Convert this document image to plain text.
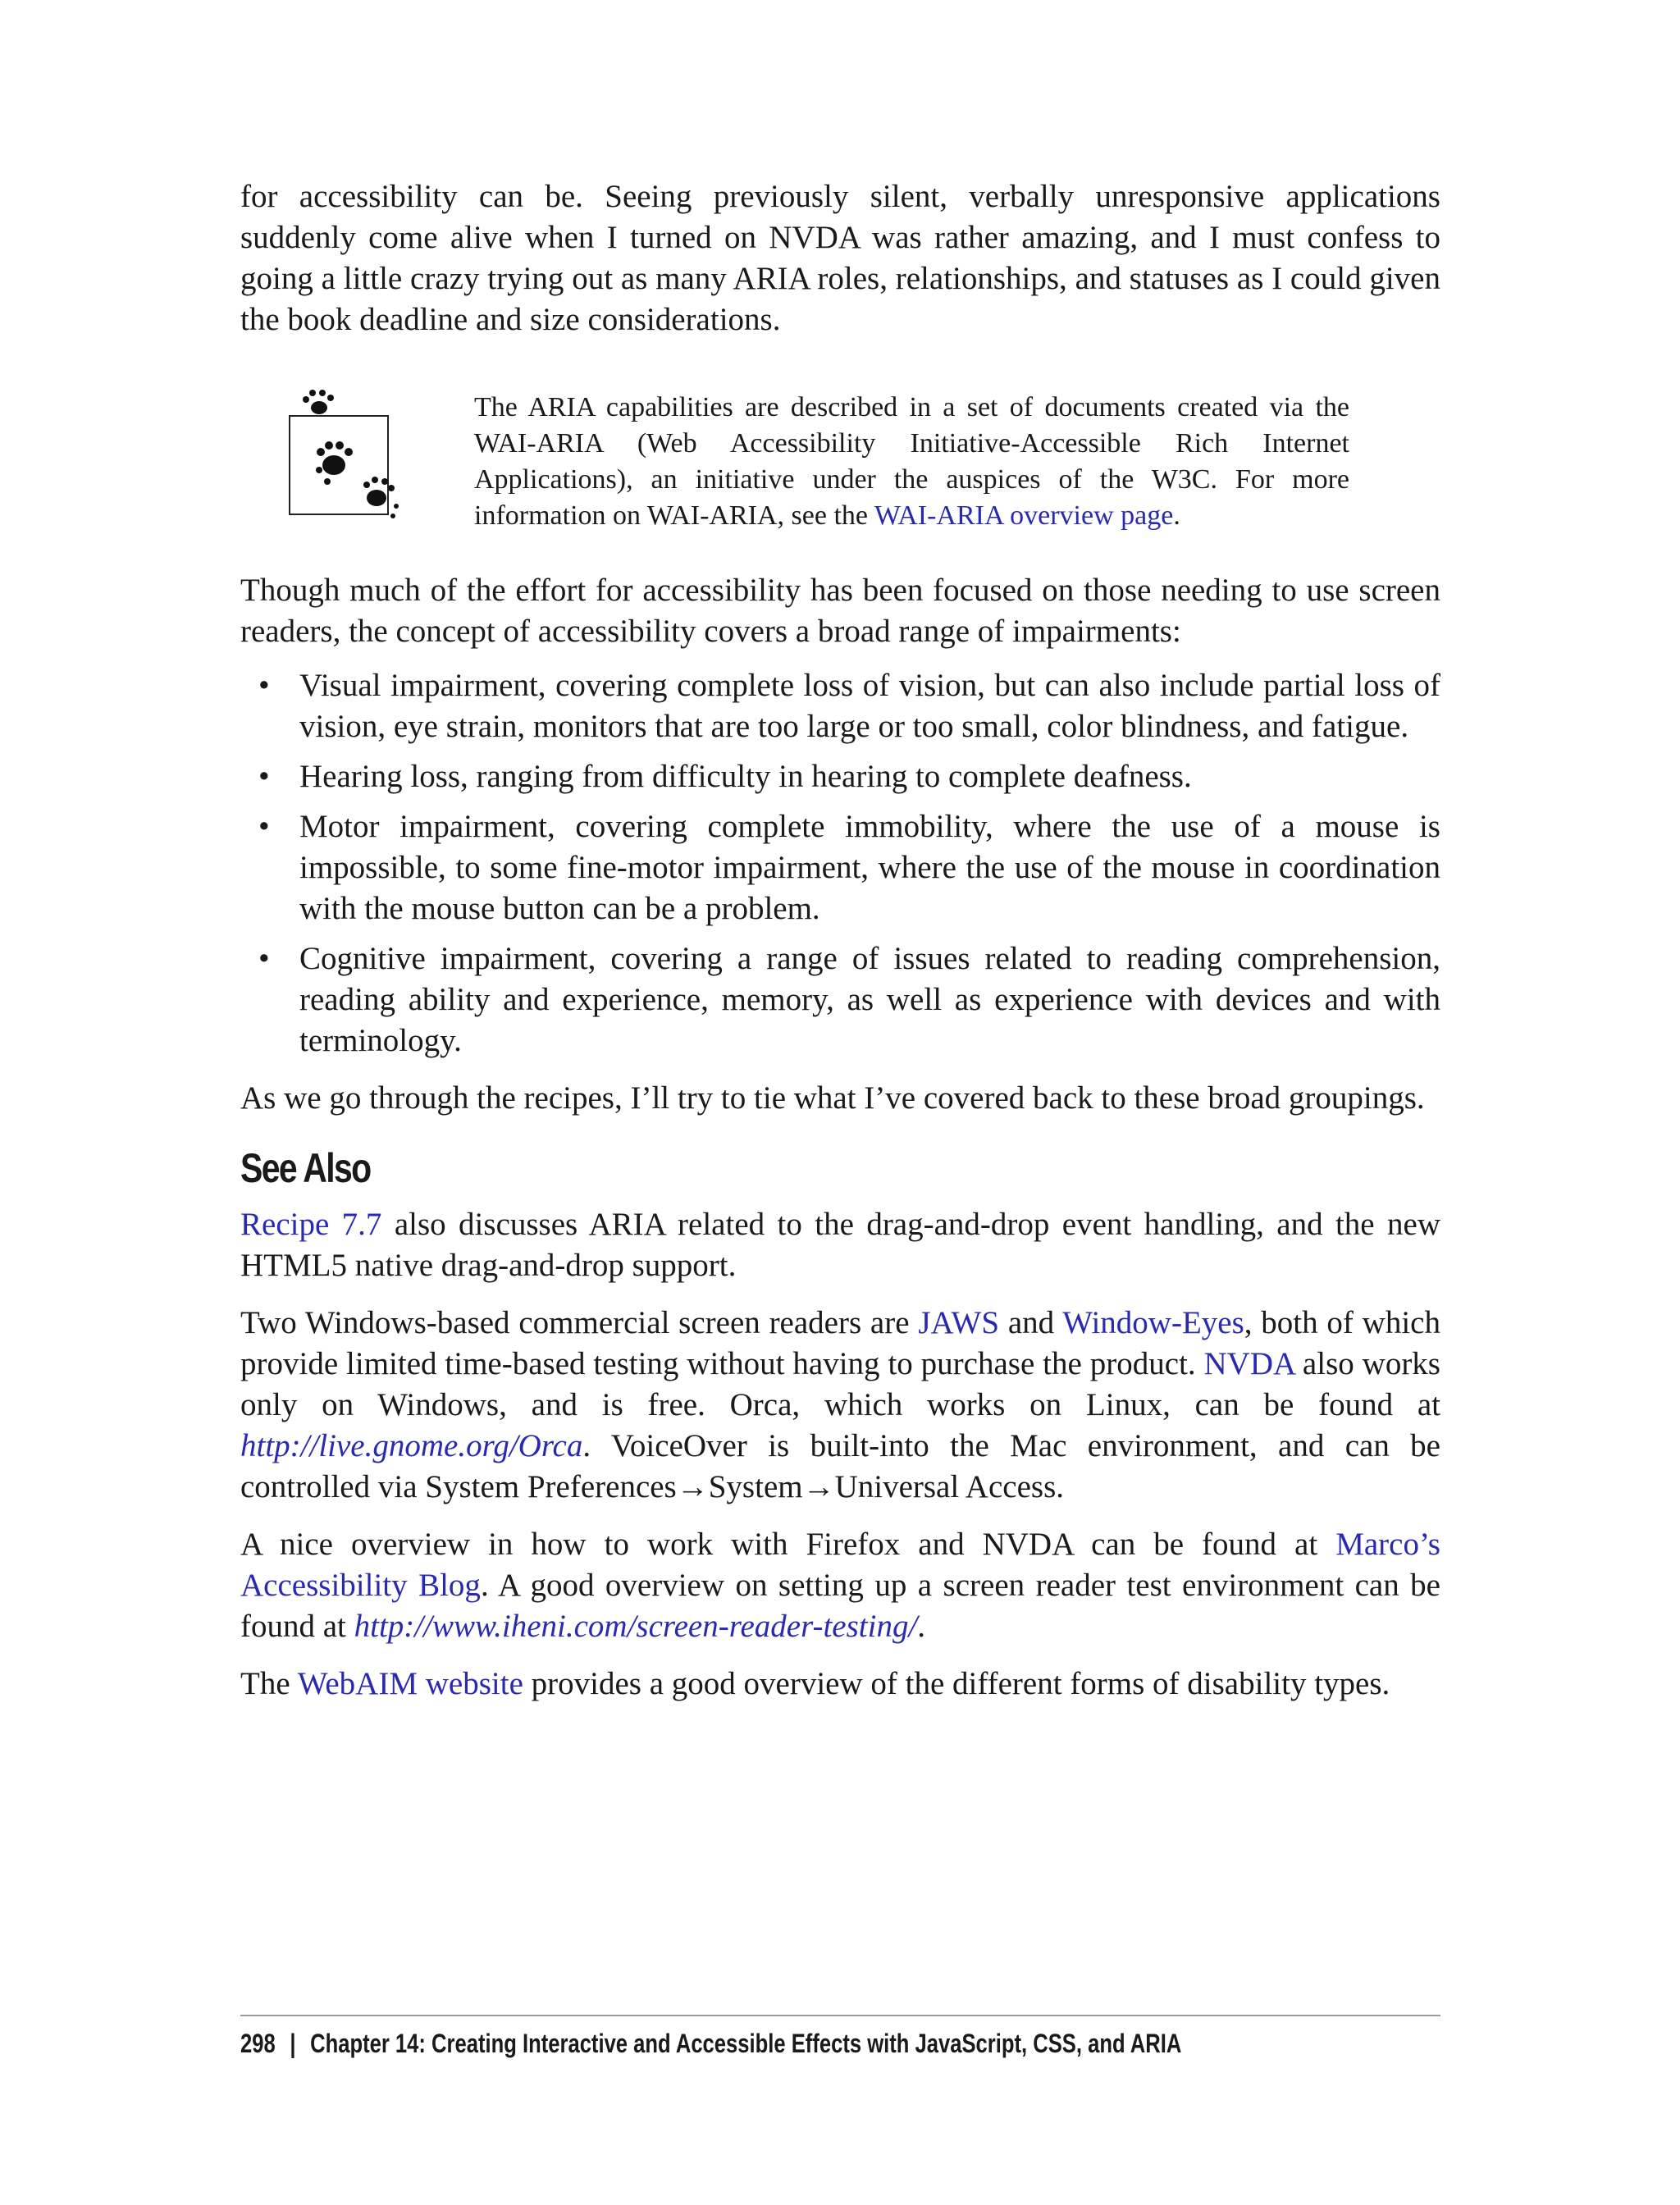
for accessibility can be. Seeing previously silent, verbally unresponsive applications suddenly come alive when I turned on NVDA was rather amazing, and I must confess to going a little crazy trying out as many ARIA roles, relationships, and statuses as I could given the book deadline and size considerations.

The ARIA capabilities are described in a set of documents created via the WAI-ARIA (Web Accessibility Initiative-Accessible Rich Internet Applications), an initiative under the auspices of the W3C. For more information on WAI-ARIA, see the WAI-ARIA overview page.

Though much of the effort for accessibility has been focused on those needing to use screen readers, the concept of accessibility covers a broad range of impairments:

• Visual impairment, covering complete loss of vision, but can also include partial loss of vision, eye strain, monitors that are too large or too small, color blindness, and fatigue.
• Hearing loss, ranging from difficulty in hearing to complete deafness.
• Motor impairment, covering complete immobility, where the use of a mouse is impossible, to some fine-motor impairment, where the use of the mouse in coordination with the mouse button can be a problem.
• Cognitive impairment, covering a range of issues related to reading comprehension, reading ability and experience, memory, as well as experience with devices and with terminology.

As we go through the recipes, I’ll try to tie what I’ve covered back to these broad groupings.

See Also

Recipe 7.7 also discusses ARIA related to the drag-and-drop event handling, and the new HTML5 native drag-and-drop support.

Two Windows-based commercial screen readers are JAWS and Window-Eyes, both of which provide limited time-based testing without having to purchase the product. NVDA also works only on Windows, and is free. Orca, which works on Linux, can be found at http://live.gnome.org/Orca. VoiceOver is built-into the Mac environment, and can be controlled via System Preferences→System→Universal Access.

A nice overview in how to work with Firefox and NVDA can be found at Marco’s Accessibility Blog. A good overview on setting up a screen reader test environment can be found at http://www.iheni.com/screen-reader-testing/.

The WebAIM website provides a good overview of the different forms of disability types.

298 | Chapter 14: Creating Interactive and Accessible Effects with JavaScript, CSS, and ARIA
